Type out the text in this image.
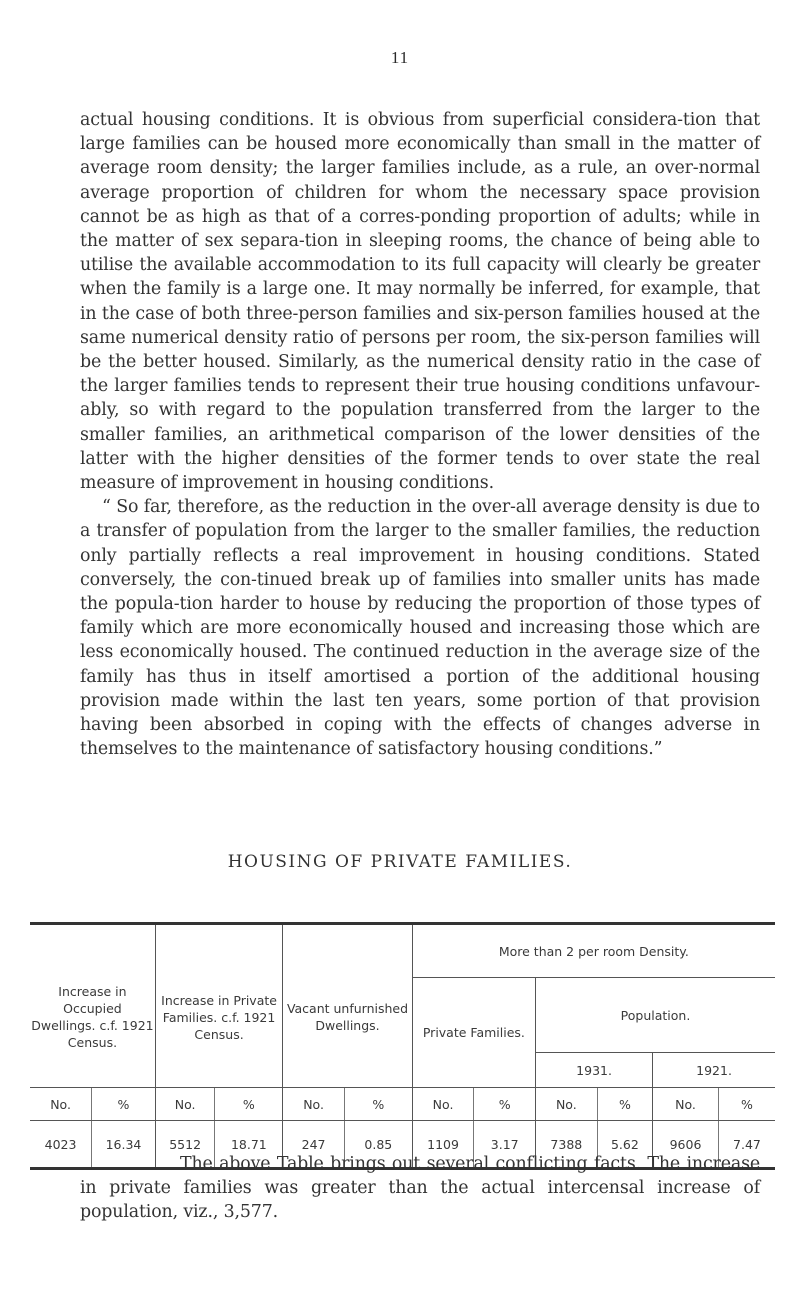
11

actual housing conditions. It is obvious from superficial considera-tion that large families can be housed more economically than small in the matter of average room density; the larger families include, as a rule, an over-normal average proportion of children for whom the necessary space provision cannot be as high as that of a corres-ponding proportion of adults; while in the matter of sex separa-tion in sleeping rooms, the chance of being able to utilise the available accommodation to its full capacity will clearly be greater when the family is a large one. It may normally be inferred, for example, that in the case of both three-person families and six-person families housed at the same numerical density ratio of persons per room, the six-person families will be the better housed. Similarly, as the numerical density ratio in the case of the larger families tends to represent their true housing conditions unfavour-ably, so with regard to the population transferred from the larger to the smaller families, an arithmetical comparison of the lower densities of the latter with the higher densities of the former tends to over state the real measure of improvement in housing conditions.

“ So far, therefore, as the reduction in the over-all average density is due to a transfer of population from the larger to the smaller families, the reduction only partially reflects a real improvement in housing conditions. Stated conversely, the con-tinued break up of families into smaller units has made the popula-tion harder to house by reducing the proportion of those types of family which are more economically housed and increasing those which are less economically housed. The continued reduction in the average size of the family has thus in itself amortised a portion of the additional housing provision made within the last ten years, some portion of that provision having been absorbed in coping with the effects of changes adverse in themselves to the maintenance of satisfactory housing conditions.”

HOUSING OF PRIVATE FAMILIES.
Increase in Occupied Dwellings. c.f. 1921 Census.		Increase in Private Families. c.f. 1921 Census.		Vacant unfurnished Dwellings.		More than 2 per room Density.					
						Private Families.		Population.			
								1931.		1921.	
No.	%	No.	%	No.	%	No.	%	No.	%	No.	%
4023	16.34	5512	18.71	247	0.85	1109	3.17	7388	5.62	9606	7.47
The above Table brings out several conflicting facts. The increase in private families was greater than the actual intercensal increase of population, viz., 3,577.
